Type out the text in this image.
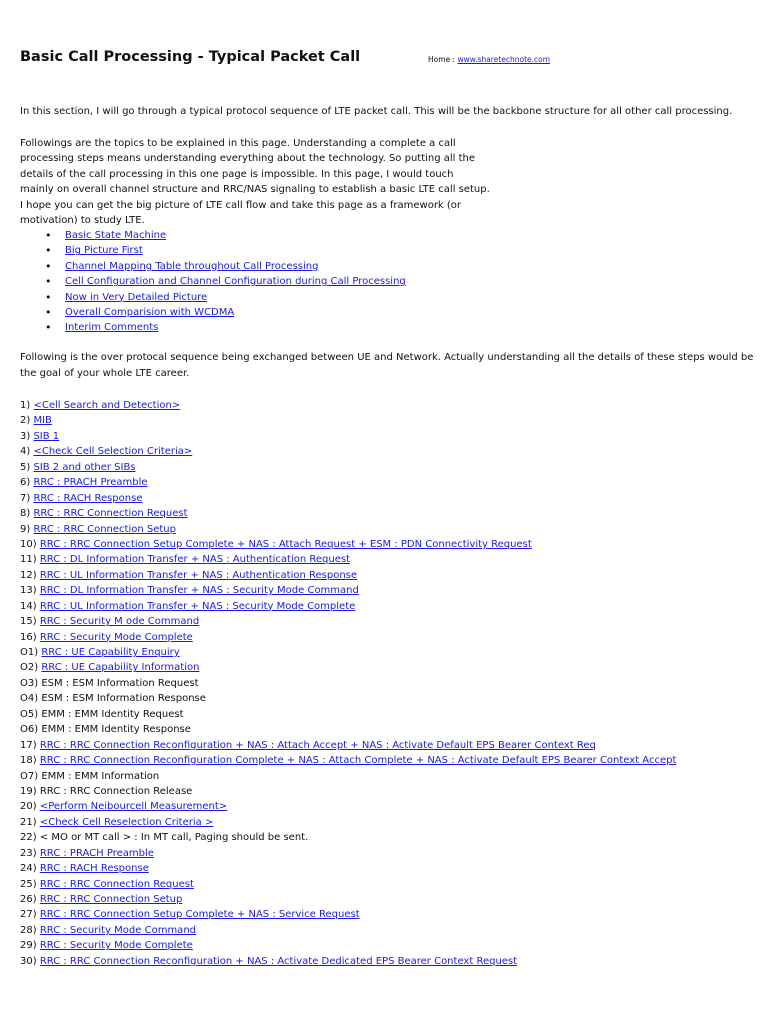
Basic Call Processing - Typical Packet Call	Home : www.sharetechnote.com
In this section, I will go through a typical protocol sequence of LTE packet call. This will be the backbone structure for all other call processing.
Followings are the topics to be explained in this page. Understanding a complete a call processing steps means understanding everything about the technology. So putting all the details of the call processing in this one page is impossible. In this page, I would touch mainly on overall channel structure and RRC/NAS signaling to establish a basic LTE call setup. I hope you can get the big picture of LTE call flow and take this page as a framework (or motivation) to study LTE.
• Basic State Machine
• Big Picture First
• Channel Mapping Table throughout Call Processing
• Cell Configuration and Channel Configuration during Call Processing
• Now in Very Detailed Picture
• Overall Comparision with WCDMA
• Interim Comments
Following is the over protocal sequence being exchanged between UE and Network. Actually understanding all the details of these steps would be the goal of your whole LTE career.
1) <Cell Search and Detection>
2) MIB
3) SIB 1
4) <Check Cell Selection Criteria>
5) SIB 2 and other SIBs
6) RRC : PRACH Preamble
7) RRC : RACH Response
8) RRC : RRC Connection Request
9) RRC : RRC Connection Setup
10) RRC : RRC Connection Setup Complete + NAS : Attach Request + ESM : PDN Connectivity Request
11) RRC : DL Information Transfer + NAS : Authentication Request
12) RRC : UL Information Transfer + NAS : Authentication Response
13) RRC : DL Information Transfer + NAS : Security Mode Command
14) RRC : UL Information Transfer + NAS : Security Mode Complete
15) RRC : Security M ode Command
16) RRC : Security Mode Complete
O1) RRC : UE Capability Enquiry
O2) RRC : UE Capability Information
O3) ESM : ESM Information Request
O4) ESM : ESM Information Response
O5) EMM : EMM Identity Request
O6) EMM : EMM Identity Response
17) RRC : RRC Connection Reconfiguration + NAS : Attach Accept + NAS : Activate Default EPS Bearer Context Req
18) RRC : RRC Connection Reconfiguration Complete + NAS : Attach Complete + NAS : Activate Default EPS Bearer Context Accept
O7) EMM : EMM Information
19) RRC : RRC Connection Release
20) <Perform Neibourcell Measurement>
21) <Check Cell Reselection Criteria >
22) < MO or MT call > : In MT call, Paging should be sent.
23) RRC : PRACH Preamble
24) RRC : RACH Response
25) RRC : RRC Connection Request
26) RRC : RRC Connection Setup
27) RRC : RRC Connection Setup Complete + NAS : Service Request
28) RRC : Security Mode Command
29) RRC : Security Mode Complete
30) RRC : RRC Connection Reconfiguration + NAS : Activate Dedicated EPS Bearer Context Request
